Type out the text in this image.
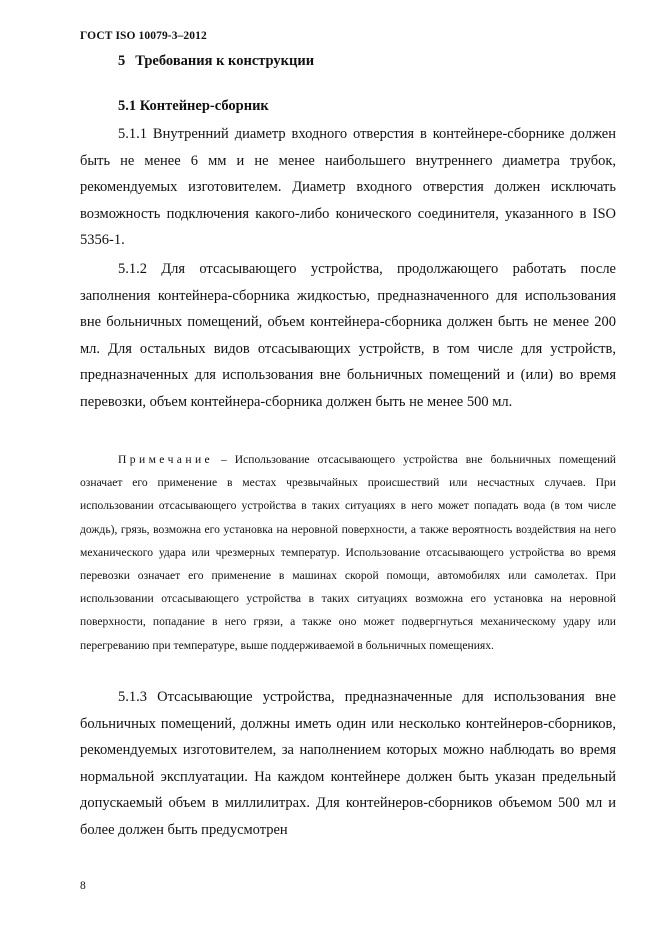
ГОСТ ISO 10079-3–2012
5 Требования к конструкции
5.1 Контейнер-сборник

5.1.1 Внутренний диаметр входного отверстия в контейнере-сборнике должен быть не менее 6 мм и не менее наибольшего внутреннего диаметра трубок, рекомендуемых изготовителем. Диаметр входного отверстия должен исключать возможность подключения какого-либо конического соединителя, указанного в ISO 5356-1.

5.1.2 Для отсасывающего устройства, продолжающего работать после заполнения контейнера-сборника жидкостью, предназначенного для использования вне больничных помещений, объем контейнера-сборника должен быть не менее 200 мл. Для остальных видов отсасывающих устройств, в том числе для устройств, предназначенных для использования вне больничных помещений и (или) во время перевозки, объем контейнера-сборника должен быть не менее 500 мл.

Примечание – Использование отсасывающего устройства вне больничных помещений означает его применение в местах чрезвычайных происшествий или несчастных случаев. При использовании отсасывающего устройства в таких ситуациях в него может попадать вода (в том числе дождь), грязь, возможна его установка на неровной поверхности, а также вероятность воздействия на него механического удара или чрезмерных температур. Использование отсасывающего устройства во время перевозки означает его применение в машинах скорой помощи, автомобилях или самолетах. При использовании отсасывающего устройства в таких ситуациях возможна его установка на неровной поверхности, попадание в него грязи, а также оно может подвергнуться механическому удару или перегреванию при температуре, выше поддерживаемой в больничных помещениях.

5.1.3 Отсасывающие устройства, предназначенные для использования вне больничных помещений, должны иметь один или несколько контейнеров-сборников, рекомендуемых изготовителем, за наполнением которых можно наблюдать во время нормальной эксплуатации. На каждом контейнере должен быть указан предельный допускаемый объем в миллилитрах. Для контейнеров-сборников объемом 500 мл и более должен быть предусмотрен

8
